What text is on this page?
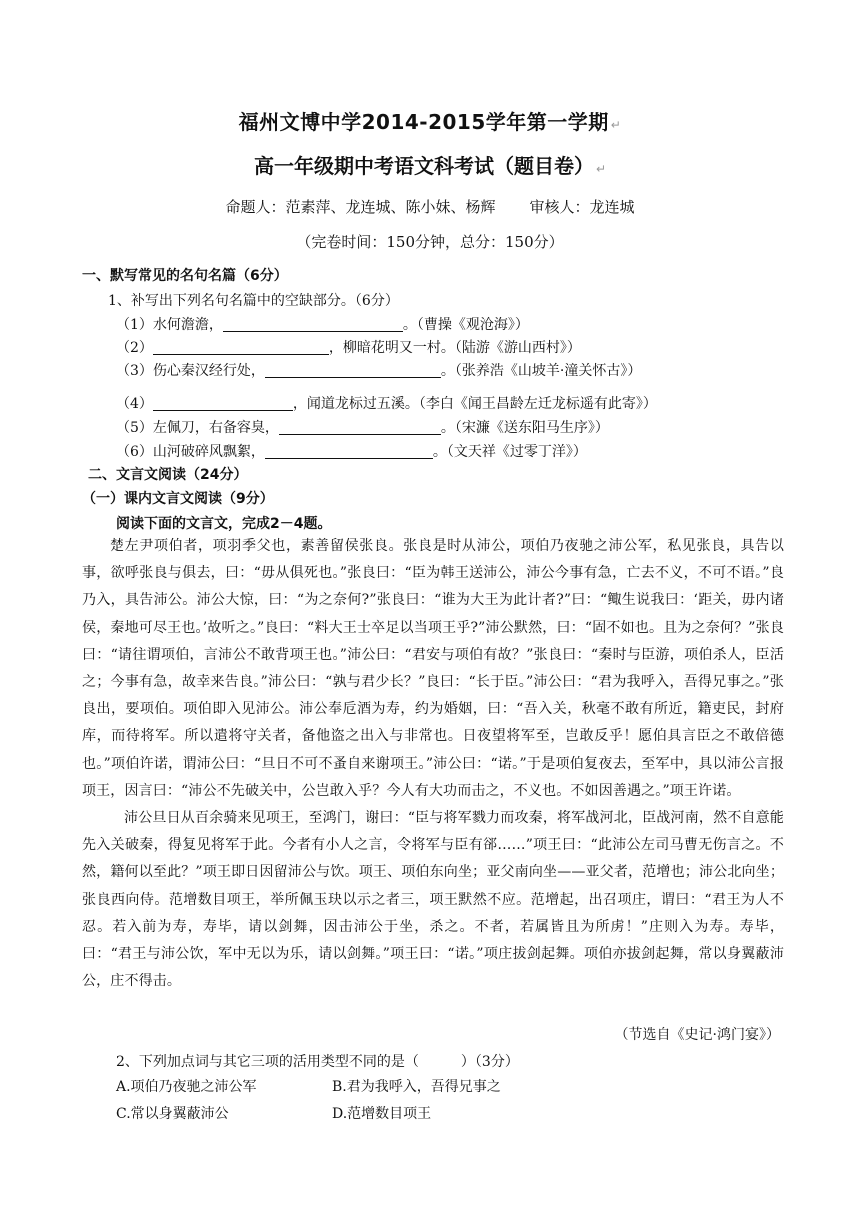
福州文博中学2014-2015学年第一学期 ↵
高一年级期中考语文科考试（题目卷） ↵
命题人：范素萍、龙连城、陈小妹、杨辉 审核人：龙连城
（完卷时间：150分钟，总分：150分）
一、默写常见的名句名篇（6分）
1、补写出下列名句名篇中的空缺部分。（6分）
（1）水何澹澹，	。（曹操《观沧海》）
（2）	，柳暗花明又一村。（陆游《游山西村》）
（3）伤心秦汉经行处，	。（张养浩《山坡羊·潼关怀古》）
（4）	，闻道龙标过五溪。（李白《闻王昌龄左迁龙标遥有此寄》）
（5）左佩刀，右备容臭，	。（宋濂《送东阳马生序》）
（6）山河破碎风飘絮，	。（文天祥《过零丁洋》）
二、文言文阅读（24分）
（一）课内文言文阅读（9分）
阅读下面的文言文，完成2－4题。

楚左尹项伯者，项羽季父也，素善留侯张良。张良是时从沛公，项伯乃夜驰之沛公军，私见张良，具告以事，欲呼张良与俱去，曰：“毋从俱死也。”张良曰：“臣为韩王送沛公，沛公今事有急，亡去不义，不可不语。”良乃入，具告沛公。沛公大惊，曰：“为之奈何?”张良曰：“谁为大王为此计者?”曰：“鲰生说我曰：‘距关，毋内诸侯，秦地可尽王也。’故听之。”良曰：“料大王士卒足以当项王乎?”沛公默然，曰：“固不如也。且为之奈何？”张良曰：“请往谓项伯，言沛公不敢背项王也。”沛公曰：“君安与项伯有故？”张良曰：“秦时与臣游，项伯杀人，臣活之；今事有急，故幸来告良。”沛公曰：“孰与君少长？”良曰：“长于臣。”沛公曰：“君为我呼入，吾得兄事之。”张良出，要项伯。项伯即入见沛公。沛公奉卮酒为寿，约为婚姻，曰：“吾入关，秋毫不敢有所近，籍吏民，封府库，而待将军。所以遣将守关者，备他盗之出入与非常也。日夜望将军至，岂敢反乎！愿伯具言臣之不敢倍德也。”项伯许诺，谓沛公曰：“旦日不可不蚤自来谢项王。”沛公曰：“诺。”于是项伯复夜去，至军中，具以沛公言报项王，因言曰：“沛公不先破关中，公岂敢入乎？今人有大功而击之，不义也。不如因善遇之。”项王许诺。

沛公旦日从百余骑来见项王，至鸿门，谢曰：“臣与将军戮力而攻秦，将军战河北，臣战河南，然不自意能先入关破秦，得复见将军于此。今者有小人之言，令将军与臣有郤……”项王曰：“此沛公左司马曹无伤言之。不然，籍何以至此？”项王即日因留沛公与饮。项王、项伯东向坐；亚父南向坐——亚父者，范增也；沛公北向坐；张良西向侍。范增数目项王，举所佩玉玦以示之者三，项王默然不应。范增起，出召项庄，谓曰：“君王为人不忍。若入前为寿，寿毕，请以剑舞，因击沛公于坐，杀之。不者，若属皆且为所虏！”庄则入为寿。寿毕，曰：“君王与沛公饮，军中无以为乐，请以剑舞。”项王曰：“诺。”项庄拔剑起舞。项伯亦拔剑起舞，常以身翼蔽沛公，庄不得击。

（节选自《史记·鸿门宴》）
2、下列加点词与其它三项的活用类型不同的是（　　　）（3分）
A.项伯乃夜驰之沛公军	B.君为我呼入，吾得兄事之
C.常以身翼蔽沛公	D.范增数目项王
